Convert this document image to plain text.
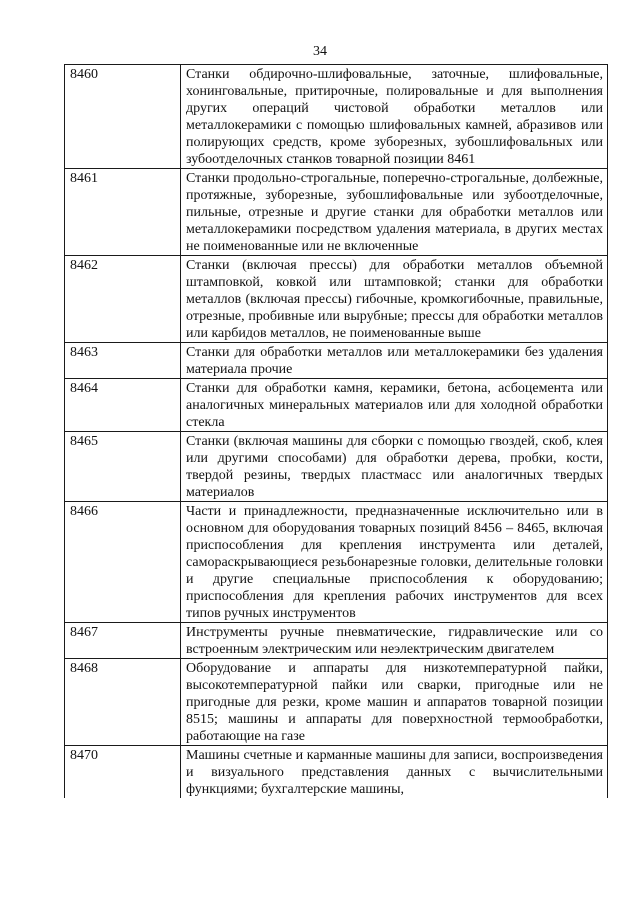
34
8460	Станки обдирочно-шлифовальные, заточные, шлифовальные, хонинговальные, притирочные, полировальные и для выполнения других операций чистовой обработки металлов или металлокерамики с помощью шлифовальных камней, абразивов или полирующих средств, кроме зуборезных, зубошлифовальных или зубоотделочных станков товарной позиции 8461
8461	Станки продольно-строгальные, поперечно-строгальные, долбежные, протяжные, зуборезные, зубошлифовальные или зубоотделочные, пильные, отрезные и другие станки для обработки металлов или металлокерамики посредством удаления материала, в других местах не поименованные или не включенные
8462	Станки (включая прессы) для обработки металлов объемной штамповкой, ковкой или штамповкой; станки для обработки металлов (включая прессы) гибочные, кромкогибочные, правильные, отрезные, пробивные или вырубные; прессы для обработки металлов или карбидов металлов, не поименованные выше
8463	Станки для обработки металлов или металлокерамики без удаления материала прочие
8464	Станки для обработки камня, керамики, бетона, асбоцемента или аналогичных минеральных материалов или для холодной обработки стекла
8465	Станки (включая машины для сборки с помощью гвоздей, скоб, клея или другими способами) для обработки дерева, пробки, кости, твердой резины, твердых пластмасс или аналогичных твердых материалов
8466	Части и принадлежности, предназначенные исключительно или в основном для оборудования товарных позиций 8456 – 8465, включая приспособления для крепления инструмента или деталей, самораскрывающиеся резьбонарезные головки, делительные головки и другие специальные приспособления к оборудованию; приспособления для крепления рабочих инструментов для всех типов ручных инструментов
8467	Инструменты ручные пневматические, гидравлические или со встроенным электрическим или неэлектрическим двигателем
8468	Оборудование и аппараты для низкотемпературной пайки, высокотемпературной пайки или сварки, пригодные или не пригодные для резки, кроме машин и аппаратов товарной позиции 8515; машины и аппараты для поверхностной термообработки, работающие на газе
8470	Машины счетные и карманные машины для записи, воспроизведения и визуального представления данных с вычислительными функциями; бухгалтерские машины,
